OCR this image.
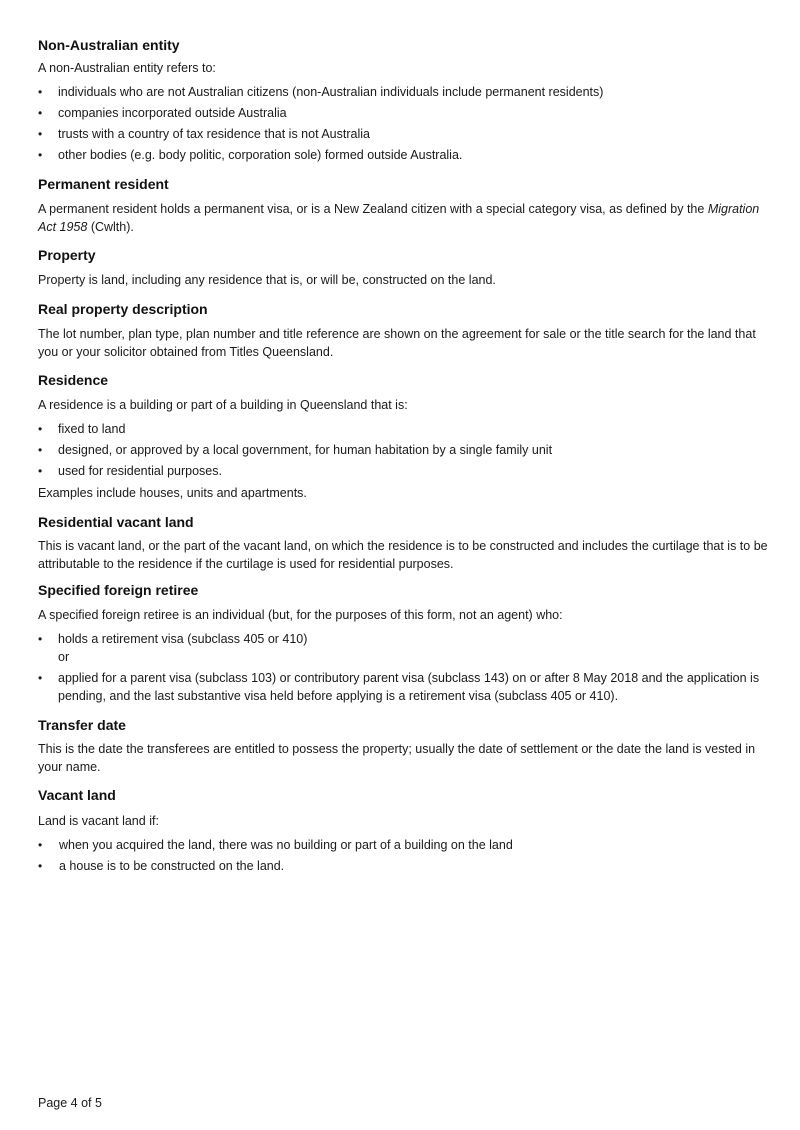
Non-Australian entity

A non-Australian entity refers to:

• individuals who are not Australian citizens (non-Australian individuals include permanent residents)
• companies incorporated outside Australia
• trusts with a country of tax residence that is not Australia
• other bodies (e.g. body politic, corporation sole) formed outside Australia.
Permanent resident

A permanent resident holds a permanent visa, or is a New Zealand citizen with a special category visa, as defined by the Migration Act 1958 (Cwlth).

Property

Property is land, including any residence that is, or will be, constructed on the land.

Real property description

The lot number, plan type, plan number and title reference are shown on the agreement for sale or the title search for the land that you or your solicitor obtained from Titles Queensland.

Residence

A residence is a building or part of a building in Queensland that is:

• fixed to land
• designed, or approved by a local government, for human habitation by a single family unit
• used for residential purposes.

Examples include houses, units and apartments.

Residential vacant land

This is vacant land, or the part of the vacant land, on which the residence is to be constructed and includes the curtilage that is to be attributable to the residence if the curtilage is used for residential purposes.

Specified foreign retiree

A specified foreign retiree is an individual (but, for the purposes of this form, not an agent) who:

• holds a retirement visa (subclass 405 or 410)
or
• applied for a parent visa (subclass 103) or contributory parent visa (subclass 143) on or after 8 May 2018 and the application is pending, and the last substantive visa held before applying is a retirement visa (subclass 405 or 410).
Transfer date

This is the date the transferees are entitled to possess the property; usually the date of settlement or the date the land is vested in your name.

Vacant land

Land is vacant land if:

• when you acquired the land, there was no building or part of a building on the land
• a house is to be constructed on the land.
Page 4 of 5
